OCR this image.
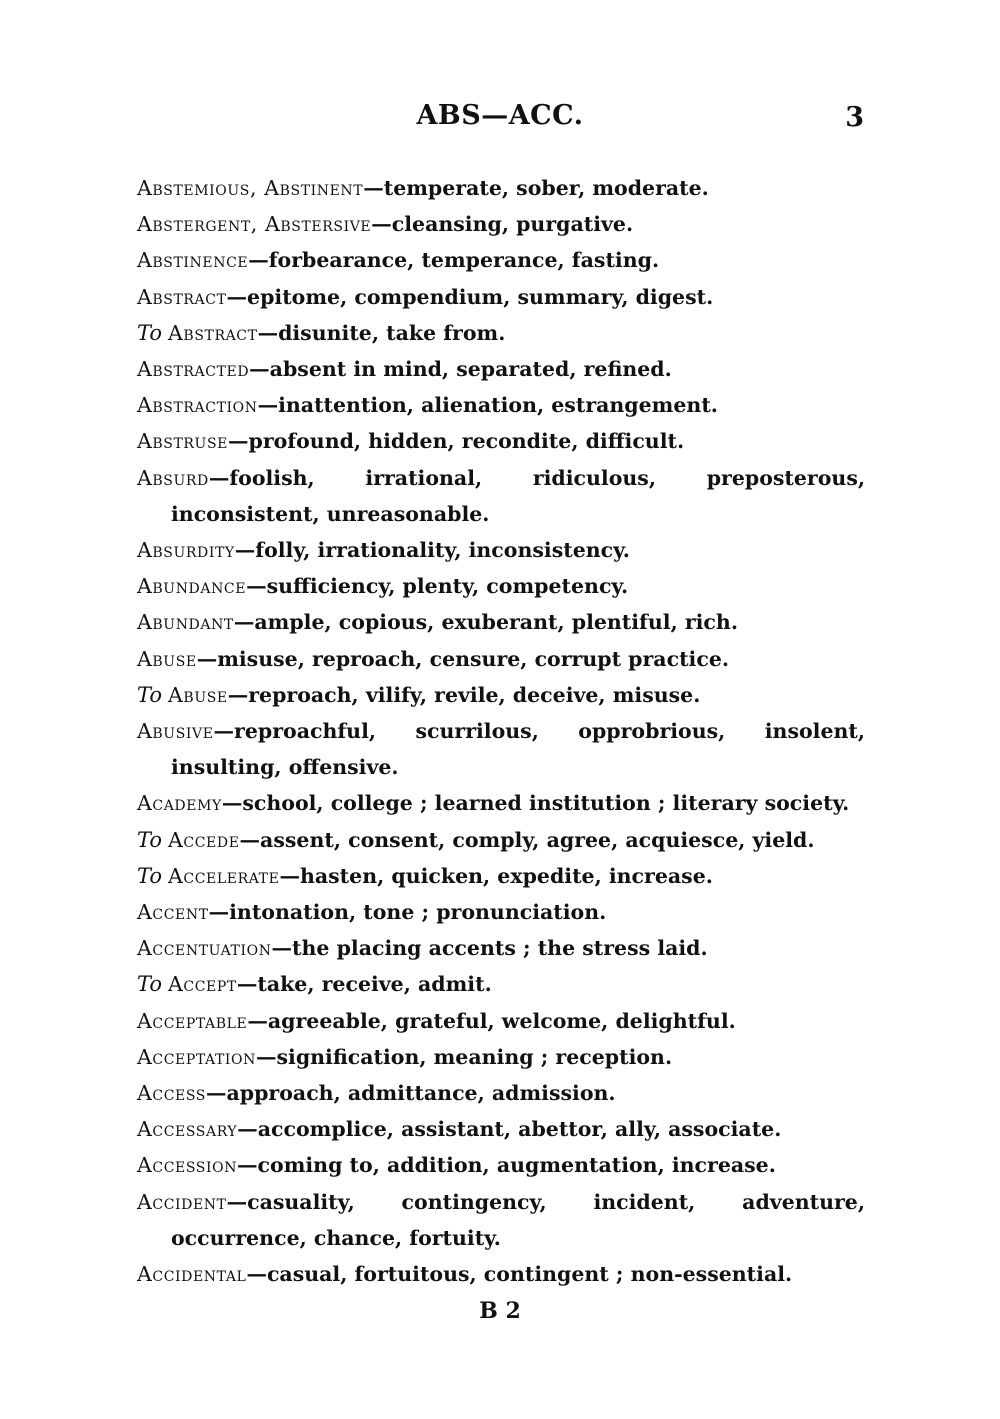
ABS—ACC.	3

Abstemious, Abstinent—temperate, sober, moderate.

Abstergent, Abstersive—cleansing, purgative.

Abstinence—forbearance, temperance, fasting.

Abstract—epitome, compendium, summary, digest.

To Abstract—disunite, take from.

Abstracted—absent in mind, separated, refined.

Abstraction—inattention, alienation, estrangement.

Abstruse—profound, hidden, recondite, difficult.

Absurd—foolish, irrational, ridiculous, preposterous, inconsistent, unreasonable.

Absurdity—folly, irrationality, inconsistency.

Abundance—sufficiency, plenty, competency.

Abundant—ample, copious, exuberant, plentiful, rich.

Abuse—misuse, reproach, censure, corrupt practice.

To Abuse—reproach, vilify, revile, deceive, misuse.

Abusive—reproachful, scurrilous, opprobrious, insolent, insulting, offensive.

Academy—school, college ; learned institution ; literary society.

To Accede—assent, consent, comply, agree, acquiesce, yield.

To Accelerate—hasten, quicken, expedite, increase.

Accent—intonation, tone ; pronunciation.

Accentuation—the placing accents ; the stress laid.

To Accept—take, receive, admit.

Acceptable—agreeable, grateful, welcome, delightful.

Acceptation—signification, meaning ; reception.

Access—approach, admittance, admission.

Accessary—accomplice, assistant, abettor, ally, associate.

Accession—coming to, addition, augmentation, increase.

Accident—casuality, contingency, incident, adventure, occurrence, chance, fortuity.

Accidental—casual, fortuitous, contingent ; non-essential.

B 2
